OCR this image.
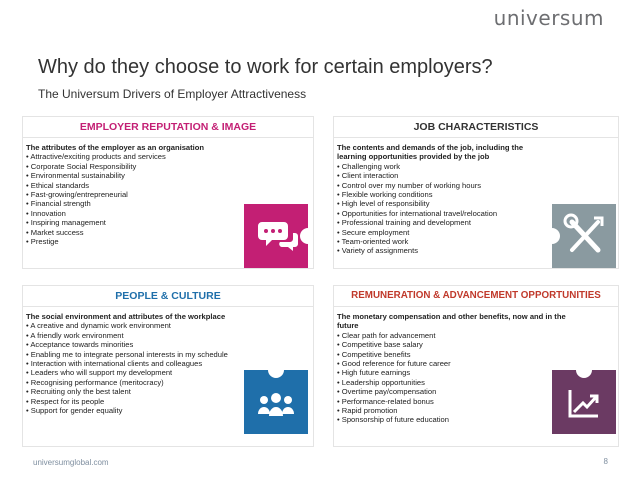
universum
Why do they choose to work for certain employers?
The Universum Drivers of Employer Attractiveness
EMPLOYER REPUTATION & IMAGE
The attributes of the employer as an organisation
• Attractive/exciting products and services
• Corporate Social Responsibility
• Environmental sustainability
• Ethical standards
• Fast-growing/entrepreneurial
• Financial strength
• Innovation
• Inspiring management
• Market success
• Prestige
JOB CHARACTERISTICS
The contents and demands of the job, including the learning opportunities provided by the job
• Challenging work
• Client interaction
• Control over my number of working hours
• Flexible working conditions
• High level of responsibility
• Opportunities for international travel/relocation
• Professional training and development
• Secure employment
• Team-oriented work
• Variety of assignments
PEOPLE & CULTURE
The social environment and attributes of the workplace
• A creative and dynamic work environment
• A friendly work environment
• Acceptance towards minorities
• Enabling me to integrate personal interests in my schedule
• Interaction with international clients and colleagues
• Leaders who will support my development
• Recognising performance (meritocracy)
• Recruiting only the best talent
• Respect for its people
• Support for gender equality
REMUNERATION & ADVANCEMENT OPPORTUNITIES
The monetary compensation and other benefits, now and in the future
• Clear path for advancement
• Competitive base salary
• Competitive benefits
• Good reference for future career
• High future earnings
• Leadership opportunities
• Overtime pay/compensation
• Performance-related bonus
• Rapid promotion
• Sponsorship of future education
universumglobal.com	8
